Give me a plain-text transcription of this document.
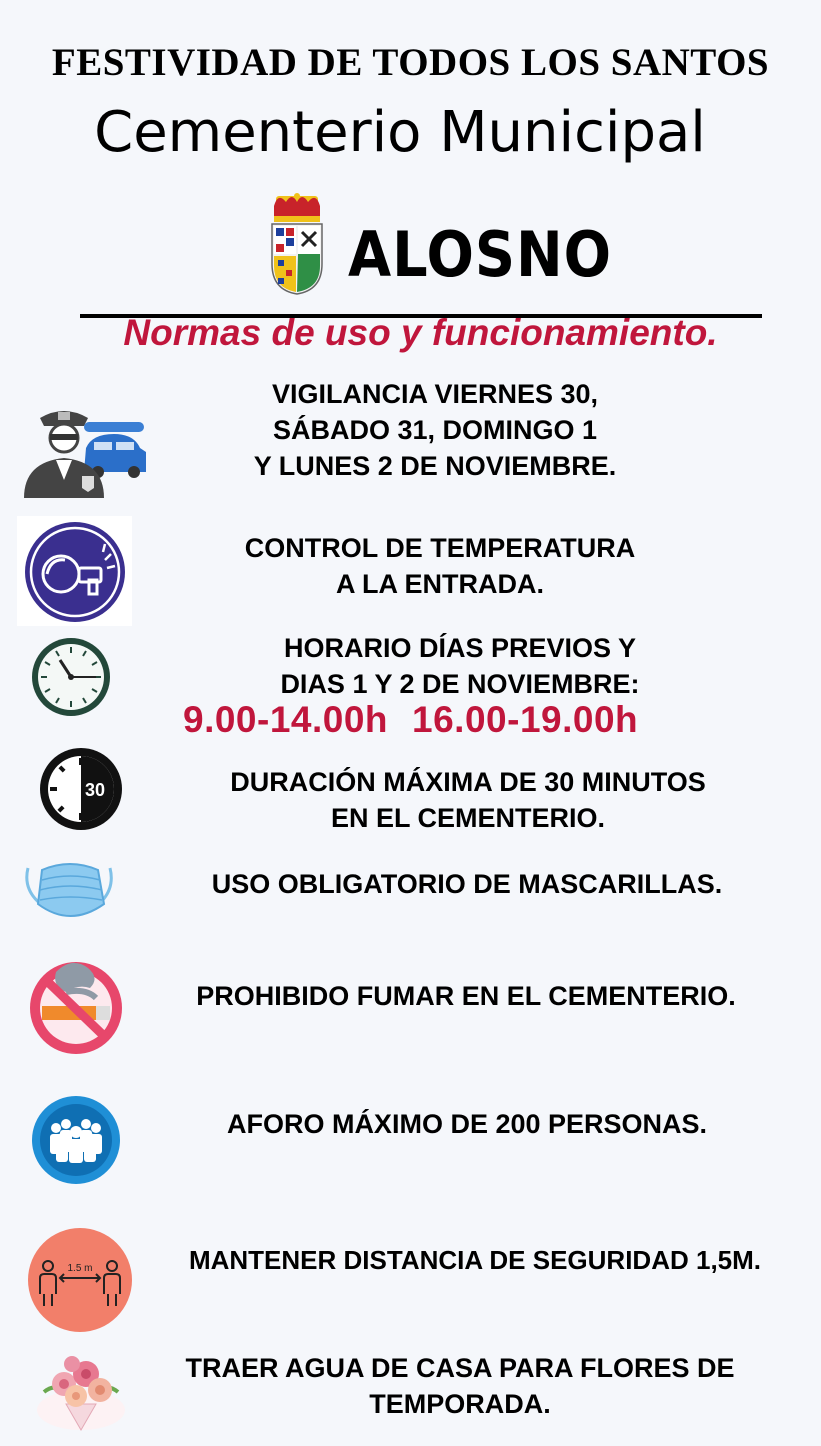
FESTIVIDAD DE TODOS LOS SANTOS
Cementerio Municipal
ALOSNO
Normas de uso y funcionamiento.
VIGILANCIA VIERNES 30,
SÁBADO 31, DOMINGO 1
Y LUNES 2 DE NOVIEMBRE.
CONTROL DE TEMPERATURA
A LA ENTRADA.
HORARIO DÍAS PREVIOS Y
DIAS 1 Y 2 DE NOVIEMBRE:
9.00-14.00h 16.00-19.00h
30	DURACIÓN MÁXIMA DE 30 MINUTOS
EN EL CEMENTERIO.
USO OBLIGATORIO DE MASCARILLAS.
PROHIBIDO FUMAR EN EL CEMENTERIO.
AFORO MÁXIMO DE 200 PERSONAS.
1.5 m	MANTENER DISTANCIA DE SEGURIDAD 1,5M.
TRAER AGUA DE CASA PARA FLORES DE
TEMPORADA.
